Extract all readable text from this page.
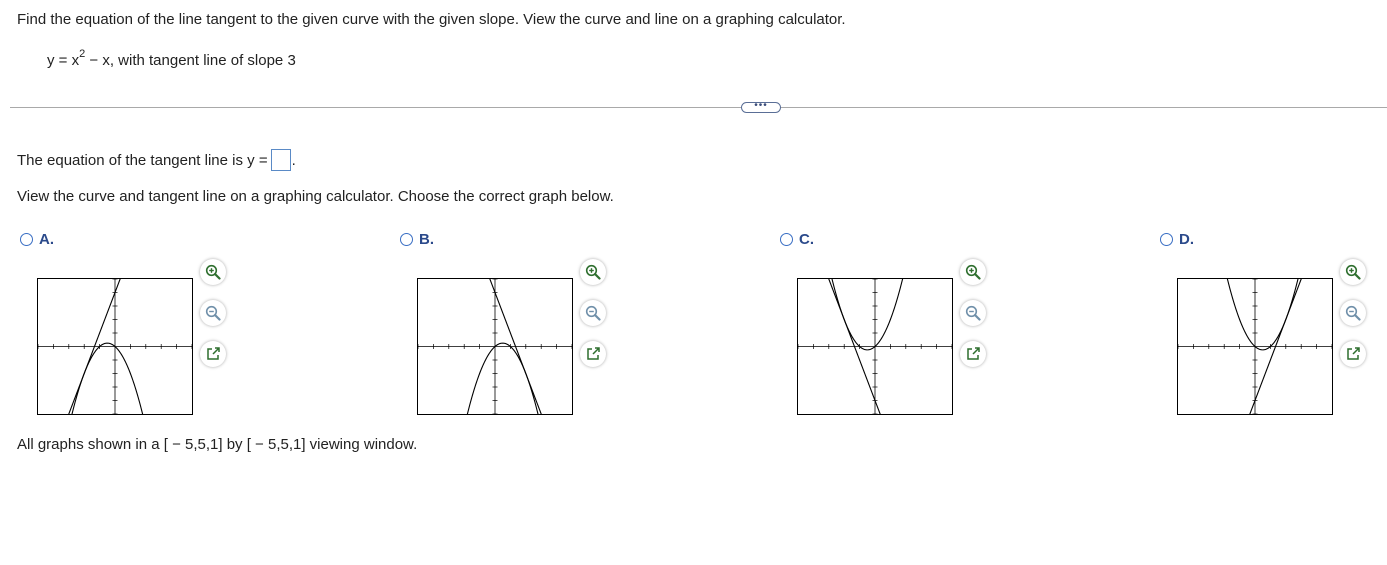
Find the equation of the line tangent to the given curve with the given slope. View the curve and line on a graphing calculator.
$y = x^2 - x$, with tangent line of slope 3
•••
The equation of the tangent line is y = .
View the curve and tangent line on a graphing calculator. Choose the correct graph below.
A.	B.	C.	D.
All graphs shown in a [ − 5,5,1] by [ − 5,5,1] viewing window.
